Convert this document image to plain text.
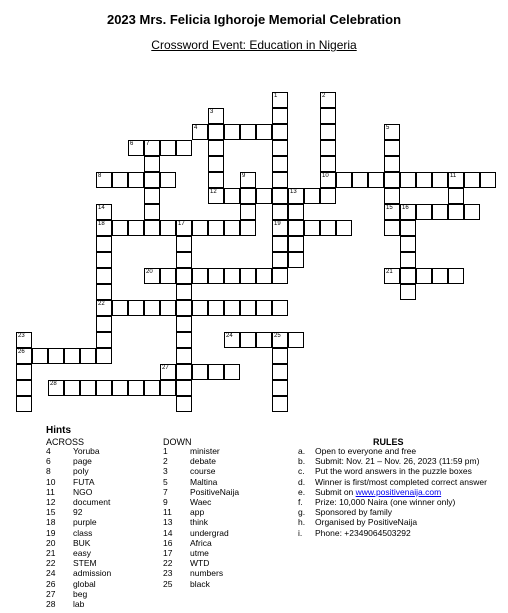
2023 Mrs. Felicia Ighoroje Memorial Celebration
Crossword Event: Education in Nigeria
1
19
2
10
3
12
5
15
7
9	11
13
14
18
22
16
17
23
26
25
4
6
8
20	21
24
27
28
Hints
ACROSS	DOWN
4	Yoruba
6	page
8	poly
10 FUTA
11 NGO
12 document
15 92
18 purple
19 class
20 BUK
21 easy
22 STEM
24 admission
26 global
27 beg
28 lab
1	minister
2	debate
3	course
5	Maltina
7	PositiveNaija
9	Waec
11 app
13 think
14 undergrad
16 Africa
17 utme
22 WTD
23 numbers
25 black
RULES
a. Open to everyone and free
b. Submit: Nov. 21 – Nov. 26, 2023 (11:59 pm)
c. Put the word answers in the puzzle boxes
d. Winner is first/most completed correct answer
e. Submit on www.positivenaija.com
f. Prize: 10,000 Naira (one winner only)
g. Sponsored by family
h. Organised by PositiveNaija
i. Phone: +2349064503292
